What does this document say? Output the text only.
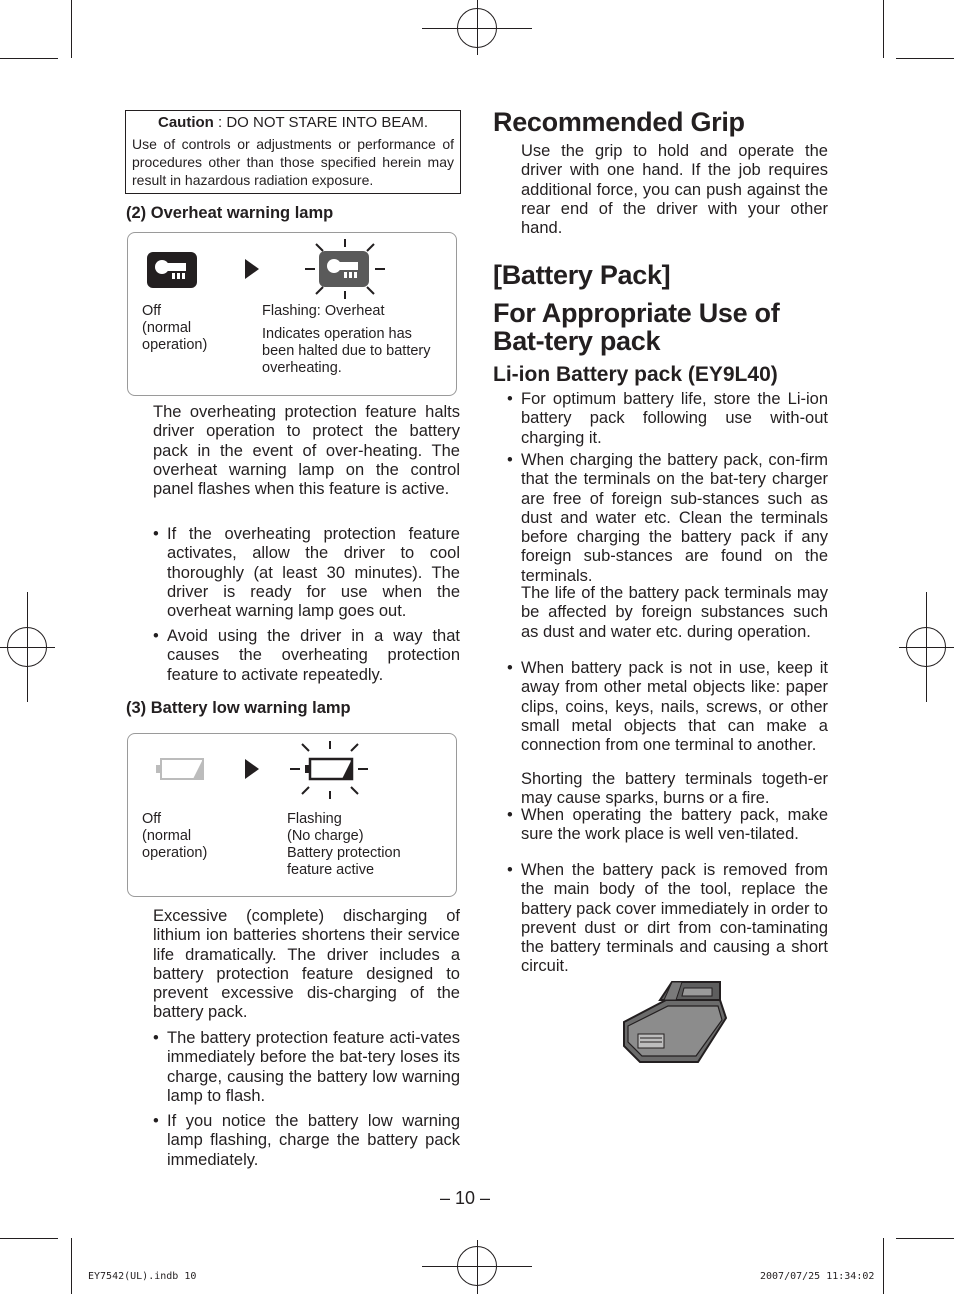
Caution : DO NOT STARE INTO BEAM.
Use of controls or adjustments or performance of procedures other than those specified herein may result in hazardous radiation exposure.
(2) Overheat warning lamp
Off
(normal
operation)
Flashing: Overheat
Indicates operation has been halted due to battery overheating.
The overheating protection feature halts driver operation to protect the battery pack in the event of over-heating. The overheat warning lamp on the control panel flashes when this feature is active.
• If the overheating protection feature activates, allow the driver to cool thoroughly (at least 30 minutes). The driver is ready for use when the overheat warning lamp goes out.
• Avoid using the driver in a way that causes the overheating protection feature to activate repeatedly.
(3) Battery low warning lamp
Off
(normal
operation)
Flashing
(No charge)
Battery protection
feature active
Excessive (complete) discharging of lithium ion batteries shortens their service life dramatically. The driver includes a battery protection feature designed to prevent excessive dis-charging of the battery pack.
• The battery protection feature acti-vates immediately before the bat-tery loses its charge, causing the battery low warning lamp to flash.
• If you notice the battery low warning lamp flashing, charge the battery pack immediately.
Recommended Grip
Use the grip to hold and operate the driver with one hand. If the job requires additional force, you can push against the rear end of the driver with your other hand.
[Battery Pack]
For Appropriate Use of Bat-tery pack
Li-ion Battery pack (EY9L40)
• For optimum battery life, store the Li-ion battery pack following use with-out charging it.
• When charging the battery pack, con-firm that the terminals on the bat-tery charger are free of foreign sub-stances such as dust and water etc. Clean the terminals before charging the battery pack if any foreign sub-stances are found on the terminals.
The life of the battery pack terminals may be affected by foreign substances such as dust and water etc. during operation.
• When battery pack is not in use, keep it away from other metal objects like: paper clips, coins, keys, nails, screws, or other small metal objects that can make a connection from one terminal to another.
Shorting the battery terminals togeth-er may cause sparks, burns or a fire.
• When operating the battery pack, make sure the work place is well ven-tilated.
• When the battery pack is removed from the main body of the tool, replace the battery pack cover immediately in order to prevent dust or dirt from con-taminating the battery terminals and causing a short circuit.
– 10 –
EY7542(UL).indb 10	2007/07/25 11:34:02
